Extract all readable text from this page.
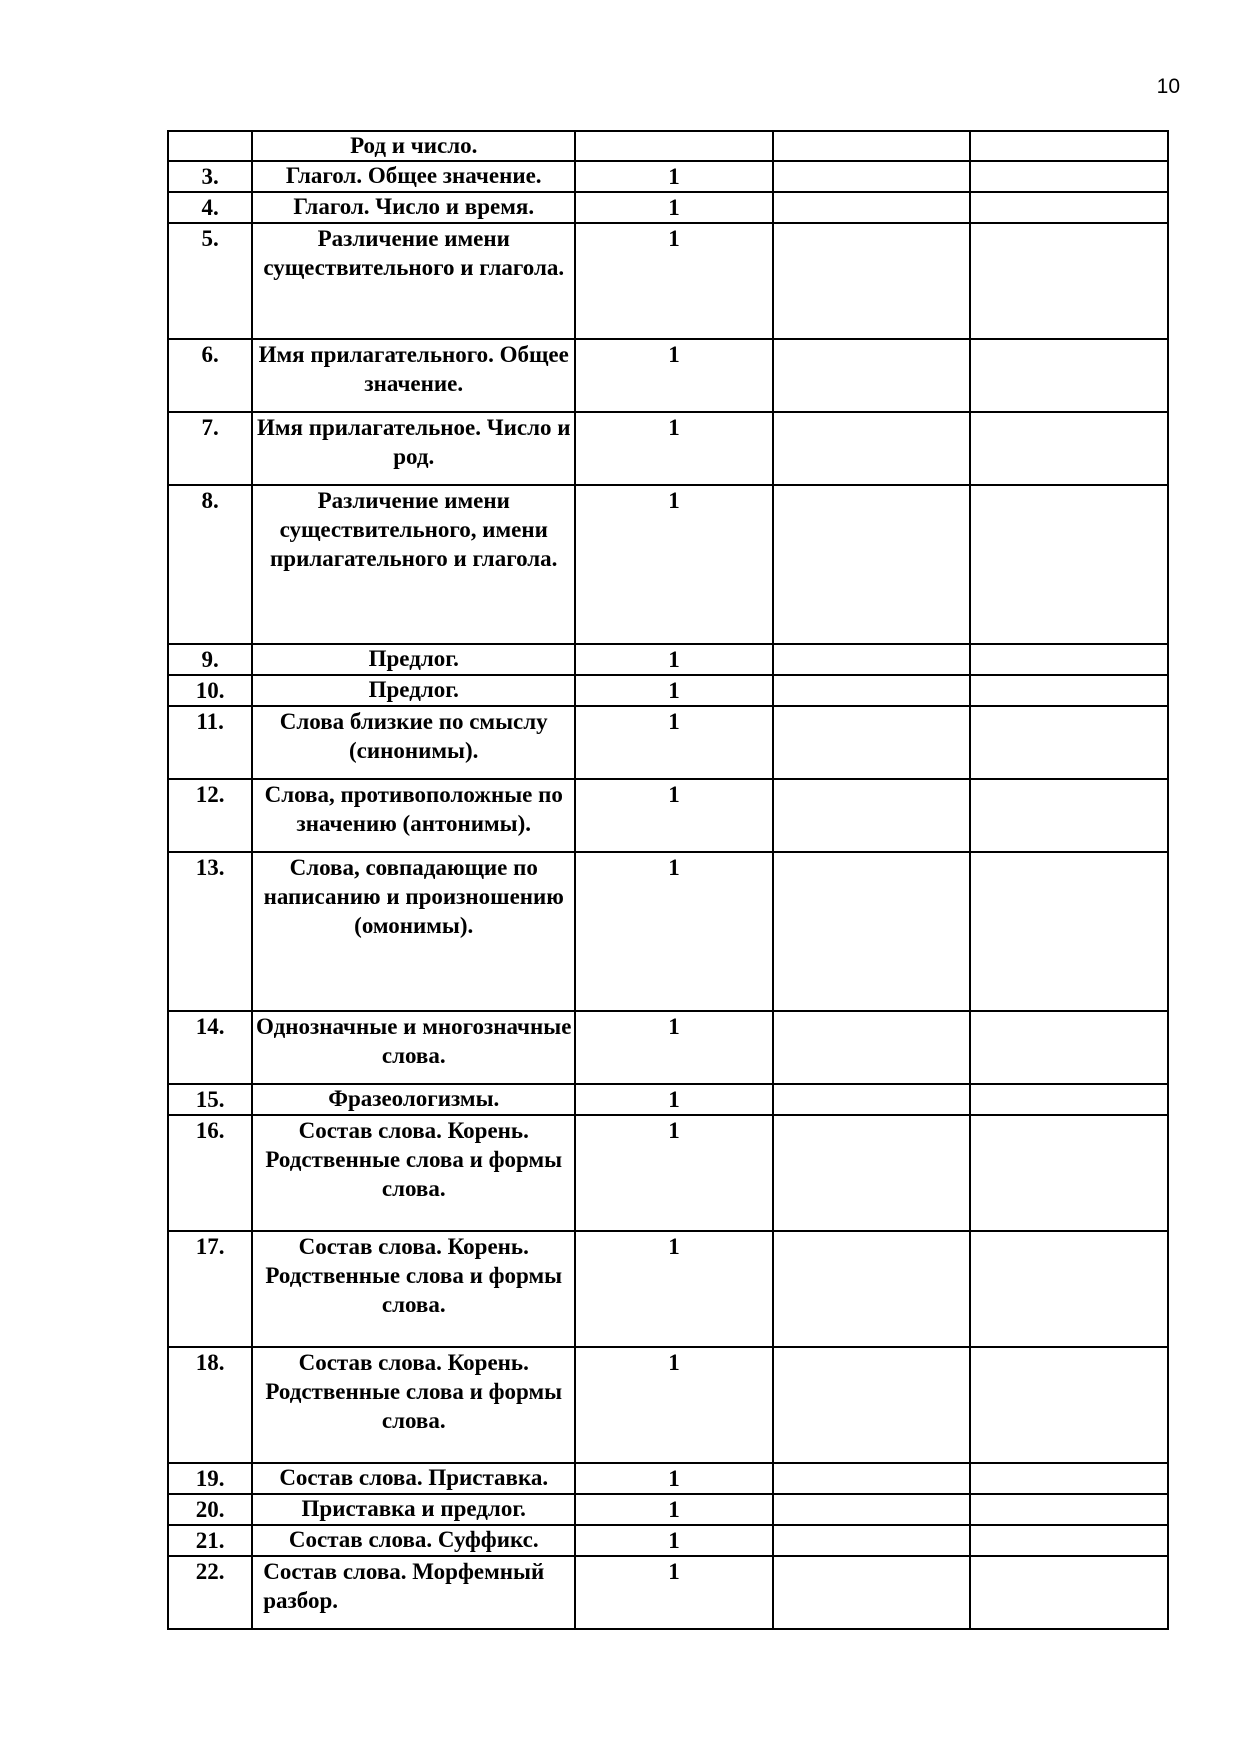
10
	Род и число.			
3.	Глагол. Общее значение.	1		
4.	Глагол. Число и время.	1		
5.	Различение имени существительного и глагола.	1		
6.	Имя прилагательного. Общее значение.	1		
7.	Имя прилагательное. Число и род.	1		
8.	Различение имени существительного, имени прилагательного и глагола.	1		
9.	Предлог.	1		
10.	Предлог.	1		
11.	Слова близкие по смыслу (синонимы).	1		
12.	Слова, противоположные по значению (антонимы).	1		
13.	Слова, совпадающие по написанию и произношению (омонимы).	1		
14.	Однозначные и многозначные слова.	1		
15.	Фразеологизмы.	1		
16.	Состав слова. Корень. Родственные слова и формы слова.	1		
17.	Состав слова. Корень. Родственные слова и формы слова.	1		
18.	Состав слова. Корень. Родственные слова и формы слова.	1		
19.	Состав слова. Приставка.	1		
20.	Приставка и предлог.	1		
21.	Состав слова. Суффикс.	1		
22.	Состав слова. Морфемный разбор.	1		
